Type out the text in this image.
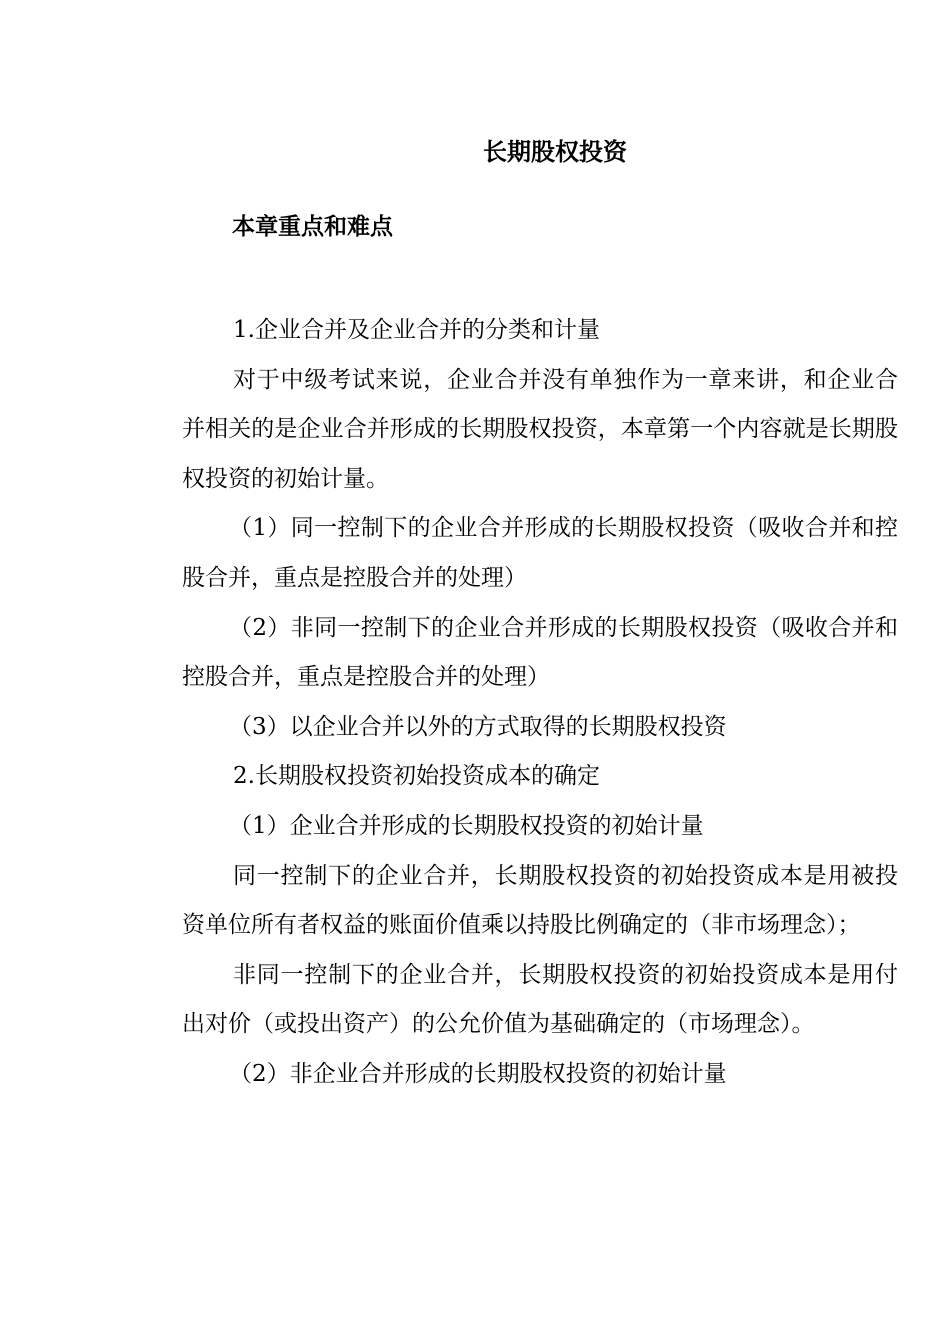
长期股权投资
本章重点和难点

1.企业合并及企业合并的分类和计量

对于中级考试来说，企业合并没有单独作为一章来讲，和企业合并相关的是企业合并形成的长期股权投资，本章第一个内容就是长期股权投资的初始计量。

（1）同一控制下的企业合并形成的长期股权投资（吸收合并和控股合并，重点是控股合并的处理）

（2）非同一控制下的企业合并形成的长期股权投资（吸收合并和控股合并，重点是控股合并的处理）

（3）以企业合并以外的方式取得的长期股权投资

2.长期股权投资初始投资成本的确定

（1）企业合并形成的长期股权投资的初始计量

同一控制下的企业合并，长期股权投资的初始投资成本是用被投资单位所有者权益的账面价值乘以持股比例确定的（非市场理念）；

非同一控制下的企业合并，长期股权投资的初始投资成本是用付出对价（或投出资产）的公允价值为基础确定的（市场理念）。

（2）非企业合并形成的长期股权投资的初始计量
